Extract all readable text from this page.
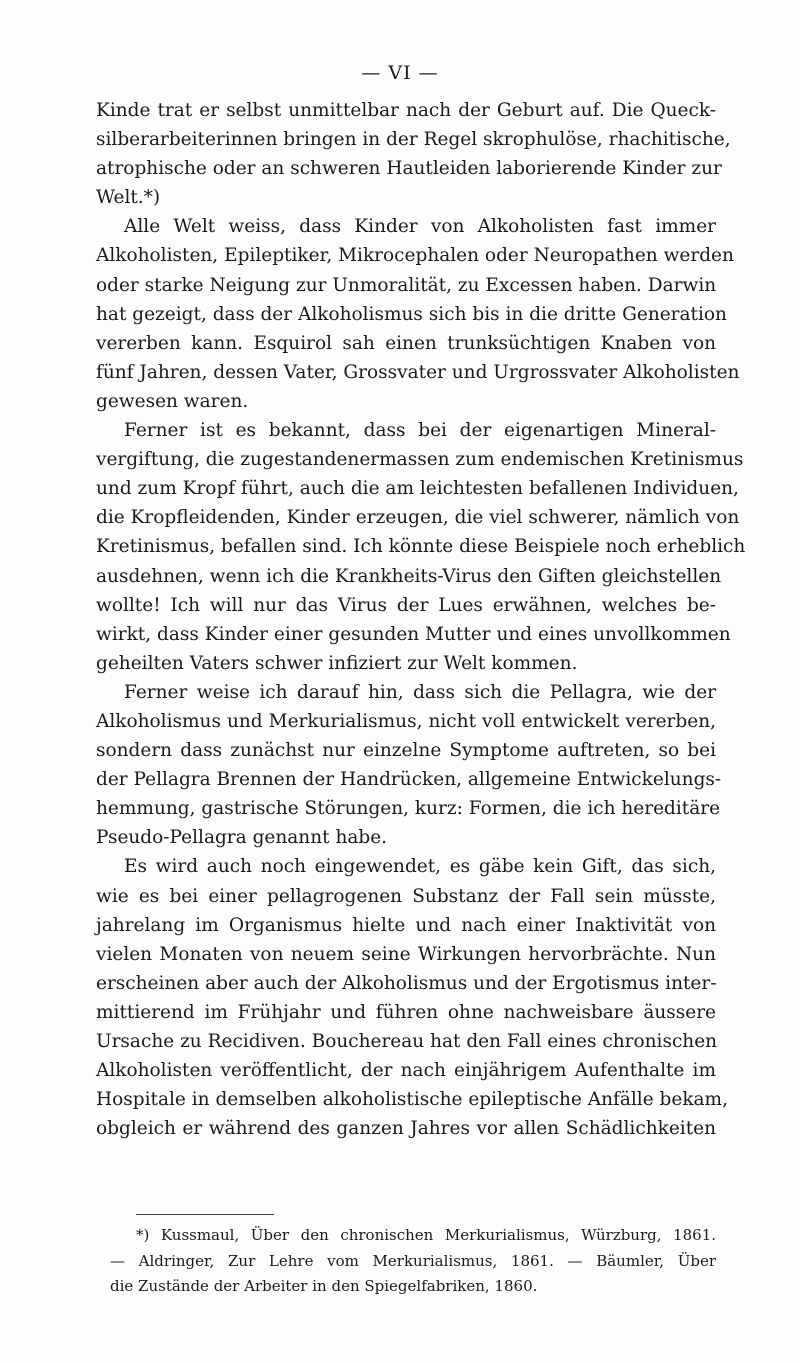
— VI —
Kinde trat er selbst unmittelbar nach der Geburt auf. Die Queck-
silberarbeiterinnen bringen in der Regel skrophulöse, rhachitische,
atrophische oder an schweren Hautleiden laborierende Kinder zur
Welt.*)
Alle Welt weiss, dass Kinder von Alkoholisten fast immer
Alkoholisten, Epileptiker, Mikrocephalen oder Neuropathen werden
oder starke Neigung zur Unmoralität, zu Excessen haben. Darwin
hat gezeigt, dass der Alkoholismus sich bis in die dritte Generation
vererben kann. Esquirol sah einen trunksüchtigen Knaben von
fünf Jahren, dessen Vater, Grossvater und Urgrossvater Alkoholisten
gewesen waren.
Ferner ist es bekannt, dass bei der eigenartigen Mineral-
vergiftung, die zugestandenermassen zum endemischen Kretinismus
und zum Kropf führt, auch die am leichtesten befallenen Individuen,
die Kropfleidenden, Kinder erzeugen, die viel schwerer, nämlich von
Kretinismus, befallen sind. Ich könnte diese Beispiele noch erheblich
ausdehnen, wenn ich die Krankheits-Virus den Giften gleichstellen
wollte! Ich will nur das Virus der Lues erwähnen, welches be-
wirkt, dass Kinder einer gesunden Mutter und eines unvollkommen
geheilten Vaters schwer infiziert zur Welt kommen.
Ferner weise ich darauf hin, dass sich die Pellagra, wie der
Alkoholismus und Merkurialismus, nicht voll entwickelt vererben,
sondern dass zunächst nur einzelne Symptome auftreten, so bei
der Pellagra Brennen der Handrücken, allgemeine Entwickelungs-
hemmung, gastrische Störungen, kurz: Formen, die ich hereditäre
Pseudo-Pellagra genannt habe.
Es wird auch noch eingewendet, es gäbe kein Gift, das sich,
wie es bei einer pellagrogenen Substanz der Fall sein müsste,
jahrelang im Organismus hielte und nach einer Inaktivität von
vielen Monaten von neuem seine Wirkungen hervorbrächte. Nun
erscheinen aber auch der Alkoholismus und der Ergotismus inter-
mittierend im Frühjahr und führen ohne nachweisbare äussere
Ursache zu Recidiven. Bouchereau hat den Fall eines chronischen
Alkoholisten veröffentlicht, der nach einjährigem Aufenthalte im
Hospitale in demselben alkoholistische epileptische Anfälle bekam,
obgleich er während des ganzen Jahres vor allen Schädlichkeiten
*) Kussmaul, Über den chronischen Merkurialismus, Würzburg, 1861.
— Aldringer, Zur Lehre vom Merkurialismus, 1861. — Bäumler, Über
die Zustände der Arbeiter in den Spiegelfabriken, 1860.
